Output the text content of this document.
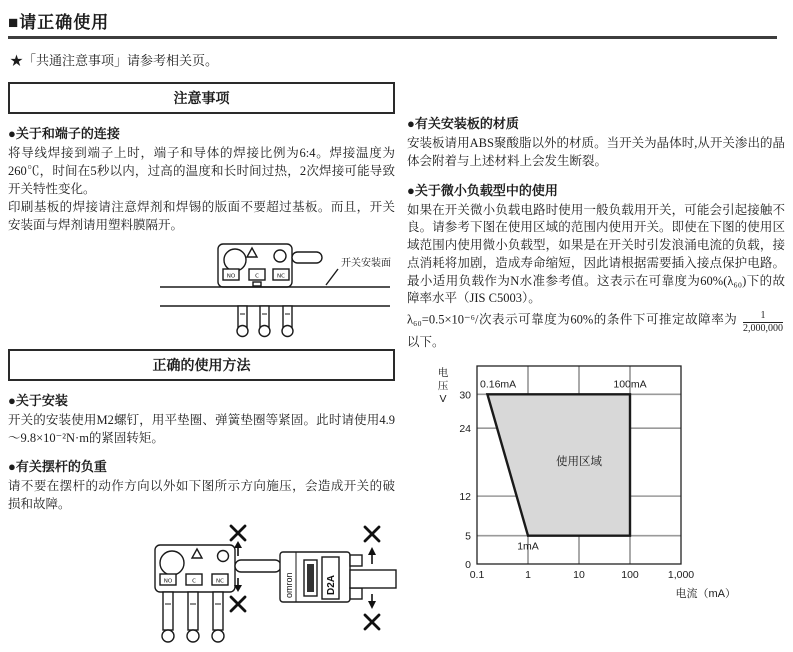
■请正确使用
★「共通注意事项」请参考相关页。
注意事项
●关于和端子的连接

将导线焊接到端子上时，端子和导体的焊接比例为6:4。焊接温度为260℃，时间在5秒以内，过高的温度和长时间过热，2次焊接可能导致开关特性变化。

印刷基板的焊接请注意焊剂和焊锡的版面不要超过基板。而且，开关安装面与焊剂请用塑料膜隔开。

NO	C	NC
开关安装面
正确的使用方法
●关于安装

开关的安装使用M2螺钉，用平垫圈、弹簧垫圈等紧固。此时请使用4.9～9.8×10⁻²N·m的紧固转矩。

●有关摆杆的负重

请不要在摆杆的动作方向以外如下图所示方向施压，会造成开关的破损和故障。

NO	C	NC	omron	D2A
●有关安装板的材质

安装板请用ABS聚酸脂以外的材质。当开关为晶体时,从开关渗出的晶体会附着与上述材料上会发生断裂。

●关于微小负载型中的使用

如果在开关微小负载电路时使用一般负载用开关，可能会引起接触不良。请参考下图在使用区域的范围内使用开关。即使在下图的使用区域范围内使用微小负载型，如果是在开关时引发浪涌电流的负载，接点消耗将加剧，造成寿命缩短，因此请根据需要插入接点保护电路。最小适用负载作为N水准参考值。这表示在可靠度为60%(λ₆₀)下的故障率水平（JIS C5003）。

λ₆₀=0.5×10⁻⁶/次表示可靠度为60%的条件下可推定故障率为 $\frac{1}{2,000,000}$
以下。

0
5
12
24
30
0.1	1	10	100	1,000
0.16mA	100mA
1mA
使用区域
电
压
V
电流（mA）
